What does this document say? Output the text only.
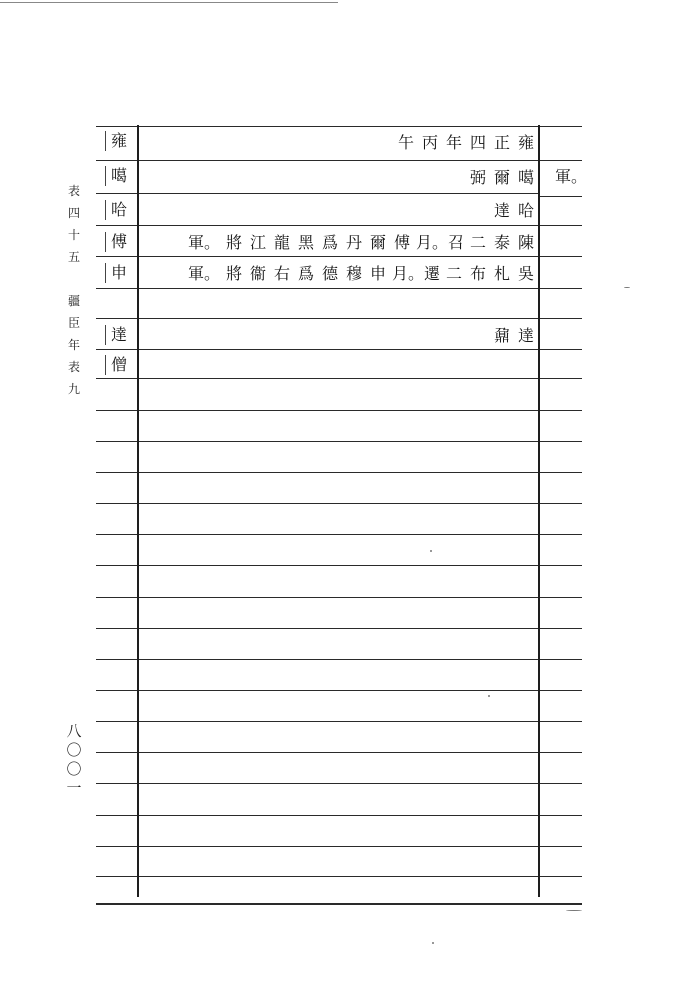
表
四
十
五

疆
臣
年
表
九
八
〇
〇
一
雍
噶
哈
傅
申
達
僧
雍
正
四
年
丙
午
噶
爾
弼
哈
達
陳
泰
二
月。召
傅
爾
丹
爲
黑
龍
江
將
軍。
吳
札
布
二
月。遷
申
穆
德
爲
右
衞
將
軍。
達
鼐
軍。
